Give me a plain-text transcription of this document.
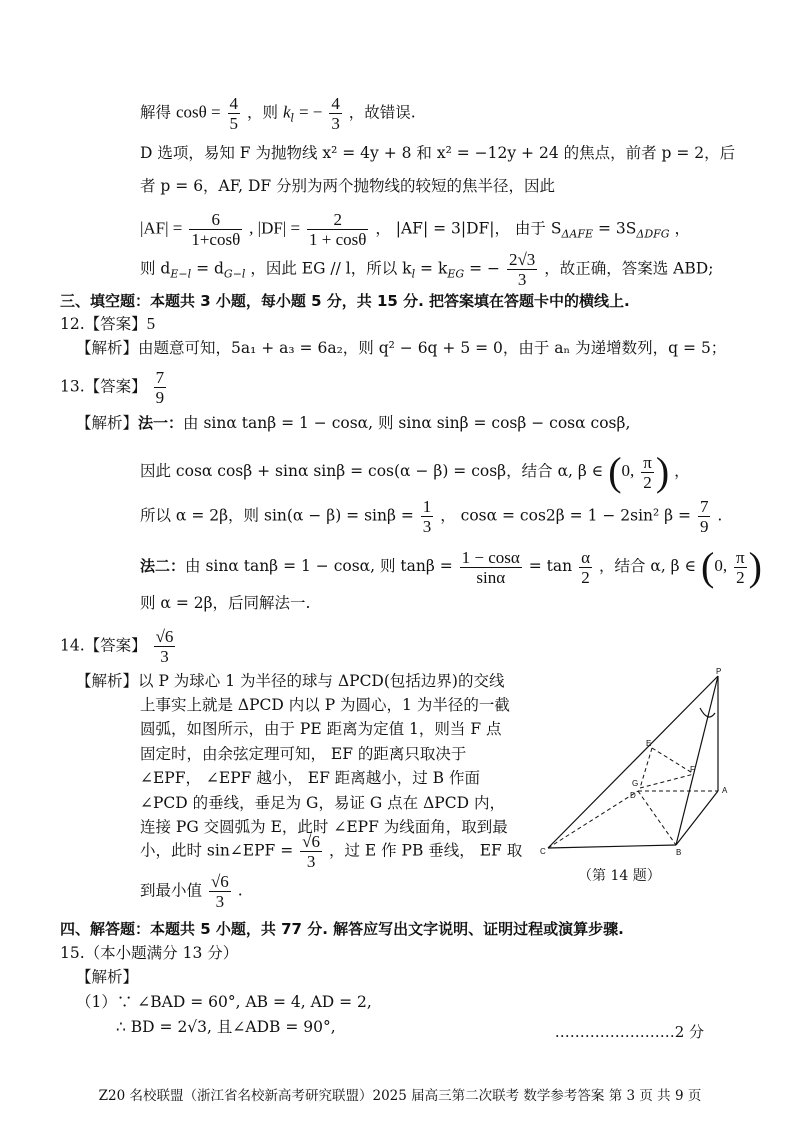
解得 $\cos\theta = \frac{4}{5}$ ，则 $k_l$ = − $\frac{4}{3}$ ，故错误.
D 选项，易知 F 为抛物线 x² = 4y + 8 和 x² = −12y + 24 的焦点，前者 p = 2，后
者 p = 6，AF, DF 分别为两个抛物线的较短的焦半径，因此
$|AF| = \frac{6}{1+\cos\theta}$ , $|DF| = \frac{2}{1 + \cos\theta}$ ， |AF| = 3|DF|， 由于 $S_{\Delta AFE} = 3S_{\Delta DFG}$ ，
则 $d_{E-l} = d_{G-l}$ ，因此 EG // l，所以 $k_l = k_{EG}$ = − $\frac{2√3}{3}$ ，故正确，答案选 ABD;
三、填空题：本题共 3 小题，每小题 5 分，共 15 分. 把答案填在答题卡中的横线上.
12.【答案】5
【解析】由题意可知，5a₁ + a₃ = 6a₂，则 q² − 6q + 5 = 0，由于 aₙ 为递增数列，q = 5；
13.【答案】 $\frac{7}{9}$
【解析】法一：由 sinα tanβ = 1 − cosα, 则 sinα sinβ = cosβ − cosα cosβ,
因此 cosα cosβ + sinα sinβ = cos(α − β) = cosβ，结合 α, β ∈ (0, $\frac{\pi}{2}$ ) ，
所以 α = 2β，则 $\sin(\alpha - \beta) = \sin\beta = \frac{1}{3}$ ， cosα = cos2β = 1 − 2sin² $\beta = \frac{7}{9}$ .
法二：由 sinα tanβ = 1 − cosα, 则 $\tan\beta = \frac{1 - \cos\alpha}{\sin\alpha} = \tan \frac{\alpha}{2}$ ，结合 α, β ∈ (0, $\frac{\pi}{2}$ )
则 α = 2β，后同解法一.
14.【答案】 $\frac{√6}{3}$
【解析】以 P 为球心 1 为半径的球与 ΔPCD(包括边界)的交线
上事实上就是 ΔPCD 内以 P 为圆心，1 为半径的一截
圆弧，如图所示，由于 PE 距离为定值 1，则当 F 点
固定时，由余弦定理可知， EF 的距离只取决于
∠EPF， ∠EPF 越小， EF 距离越小，过 B 作面
∠PCD 的垂线，垂足为 G，易证 G 点在 ΔPCD 内，
连接 PG 交圆弧为 E，此时 ∠EPF 为线面角，取到最
小，此时 sin∠EPF = $\frac{√6}{3}$ ，过 E 作 PB 垂线， EF 取
到最小值 $\frac{√6}{3}$ .
P
E
G
F
A
B
C
D
（第 14 题）
四、解答题：本题共 5 小题，共 77 分. 解答应写出文字说明、证明过程或演算步骤.
15.（本小题满分 13 分）
【解析】
（1）∵ ∠BAD = 60°, AB = 4, AD = 2,
∴ BD = 2√3, 且∠ADB = 90°,	……………………2 分
Z20 名校联盟（浙江省名校新高考研究联盟）2025 届高三第二次联考 数学参考答案 第 3 页 共 9 页
